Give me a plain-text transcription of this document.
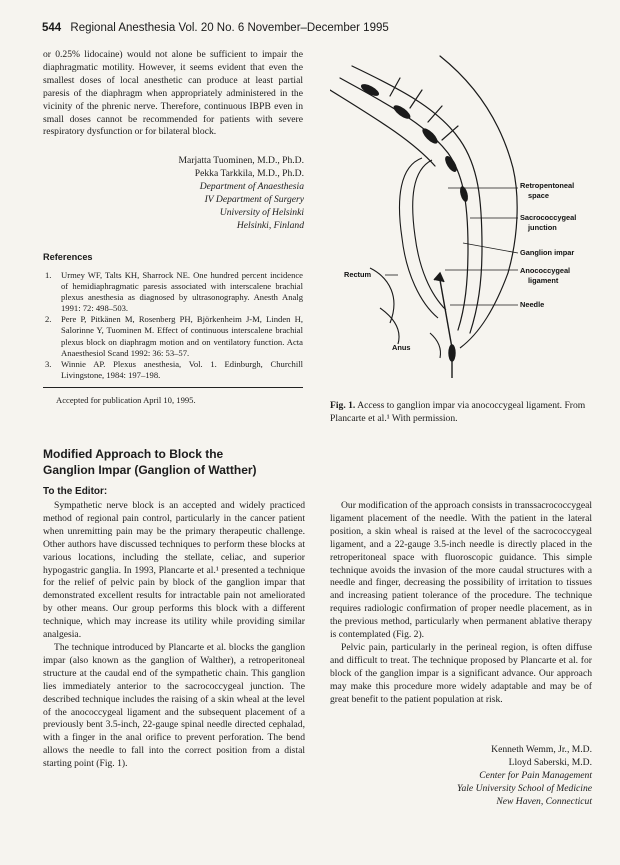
544 Regional Anesthesia Vol. 20 No. 6 November–December 1995

or 0.25% lidocaine) would not alone be sufficient to impair the diaphragmatic motility. However, it seems evident that even the smallest doses of local anesthetic can produce at least partial paresis of the diaphragm when appropriately administered in the vicinity of the phrenic nerve. Therefore, continuous IBPB even in small doses cannot be recommended for patients with severe respiratory dysfunction or for bilateral block.

Marjatta Tuominen, M.D., Ph.D.
Pekka Tarkkila, M.D., Ph.D.
Department of Anaesthesia
IV Department of Surgery
University of Helsinki
Helsinki, Finland
References
1. Urmey WF, Talts KH, Sharrock NE. One hundred percent incidence of hemidiaphragmatic paresis associated with interscalene brachial plexus anesthesia as diagnosed by ultrasonography. Anesth Analg 1991: 72: 498–503.
2. Pere P, Pitkänen M, Rosenberg PH, Björkenheim J-M, Linden H, Salorinne Y, Tuominen M. Effect of continuous interscalene brachial plexus block on diaphragm motion and on ventilatory function. Acta Anaesthesiol Scand 1992: 36: 53–57.
3. Winnie AP. Plexus anesthesia, Vol. 1. Edinburgh, Churchill Livingstone, 1984: 197–198.
Accepted for publication April 10, 1995.
Retropentoneal space
Sacrococcygeal junction
Ganglion impar
Anococcygeal ligament
Needle
Rectum
Anus
Fig. 1. Access to ganglion impar via anococcygeal ligament. From Plancarte et al.¹ With permission.
Modified Approach to Block the
Ganglion Impar (Ganglion of Watther)
To the Editor:

Sympathetic nerve block is an accepted and widely practiced method of regional pain control, particularly in the cancer patient when unremitting pain may be the primary therapeutic challenge. Other authors have discussed techniques to perform these blocks at various locations, including the stellate, celiac, and superior hypogastric ganglia. In 1993, Plancarte et al.¹ presented a technique for the relief of pelvic pain by block of the ganglion impar that demonstrated excellent results for intractable pain not ameliorated by other means. Our group performs this block with a different technique, which may increase its utility while providing similar analgesia.

The technique introduced by Plancarte et al. blocks the ganglion impar (also known as the ganglion of Walther), a retroperitoneal structure at the caudal end of the sympathetic chain. This ganglion lies immediately anterior to the sacrococcygeal junction. The described technique includes the raising of a skin wheal at the level of the anococcygeal ligament and the subsequent placement of a previously bent 3.5-inch, 22-gauge spinal needle directed cephalad, with a finger in the anal orifice to prevent perforation. The bend allows the needle to fall into the correct position from a distal starting point (Fig. 1).

Our modification of the approach consists in transsacrococcygeal ligament placement of the needle. With the patient in the lateral position, a skin wheal is raised at the level of the sacrococcygeal ligament, and a 22-gauge 3.5-inch needle is directly placed in the retroperitoneal space with fluoroscopic guidance. This simple technique avoids the invasion of the more caudal structures with a needle and finger, decreasing the possibility of irritation to tissues and increasing patient tolerance of the procedure. The technique requires radiologic confirmation of proper needle placement, as in the previous method, particularly when permanent ablative therapy is contemplated (Fig. 2).

Pelvic pain, particularly in the perineal region, is often diffuse and difficult to treat. The technique proposed by Plancarte et al. for block of the ganglion impar is a significant advance. Our approach may make this procedure more widely adaptable and may be of great benefit to the patient population at risk.

Kenneth Wemm, Jr., M.D.
Lloyd Saberski, M.D.
Center for Pain Management
Yale University School of Medicine
New Haven, Connecticut
